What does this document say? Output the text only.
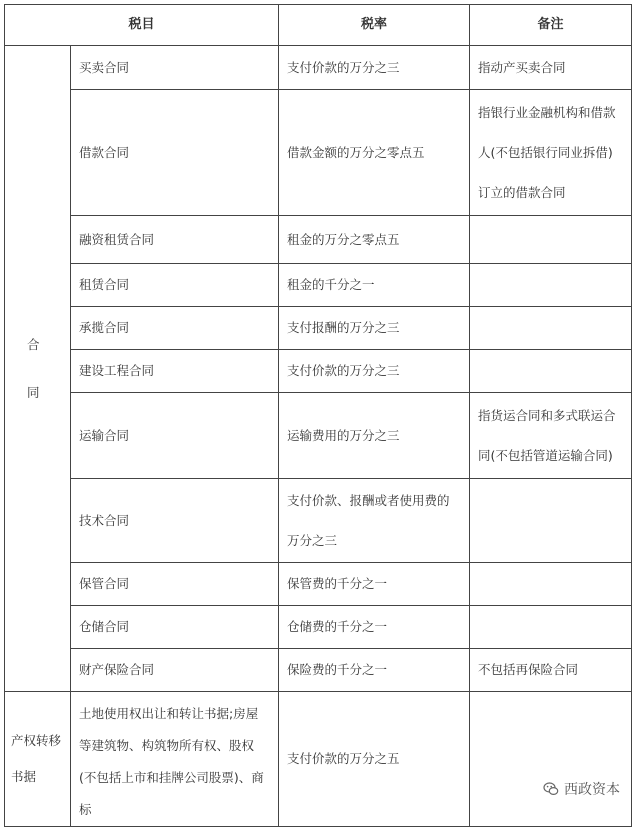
税目		税率	备注
合同	买卖合同	支付价款的万分之三	指动产买卖合同
	借款合同	借款金额的万分之零点五	指银行业金融机构和借款人(不包括银行同业拆借)订立的借款合同
	融资租赁合同	租金的万分之零点五	
	租赁合同	租金的千分之一	
	承揽合同	支付报酬的万分之三	
	建设工程合同	支付价款的万分之三	
	运输合同	运输费用的万分之三	指货运合同和多式联运合同(不包括管道运输合同)
	技术合同	支付价款、报酬或者使用费的万分之三	
	保管合同	保管费的千分之一	
	仓储合同	仓储费的千分之一	
	财产保险合同	保险费的千分之一	不包括再保险合同
产权转移书据	土地使用权出让和转让书据;房屋等建筑物、构筑物所有权、股权(不包括上市和挂牌公司股票)、商标	支付价款的万分之五	
西政资本
